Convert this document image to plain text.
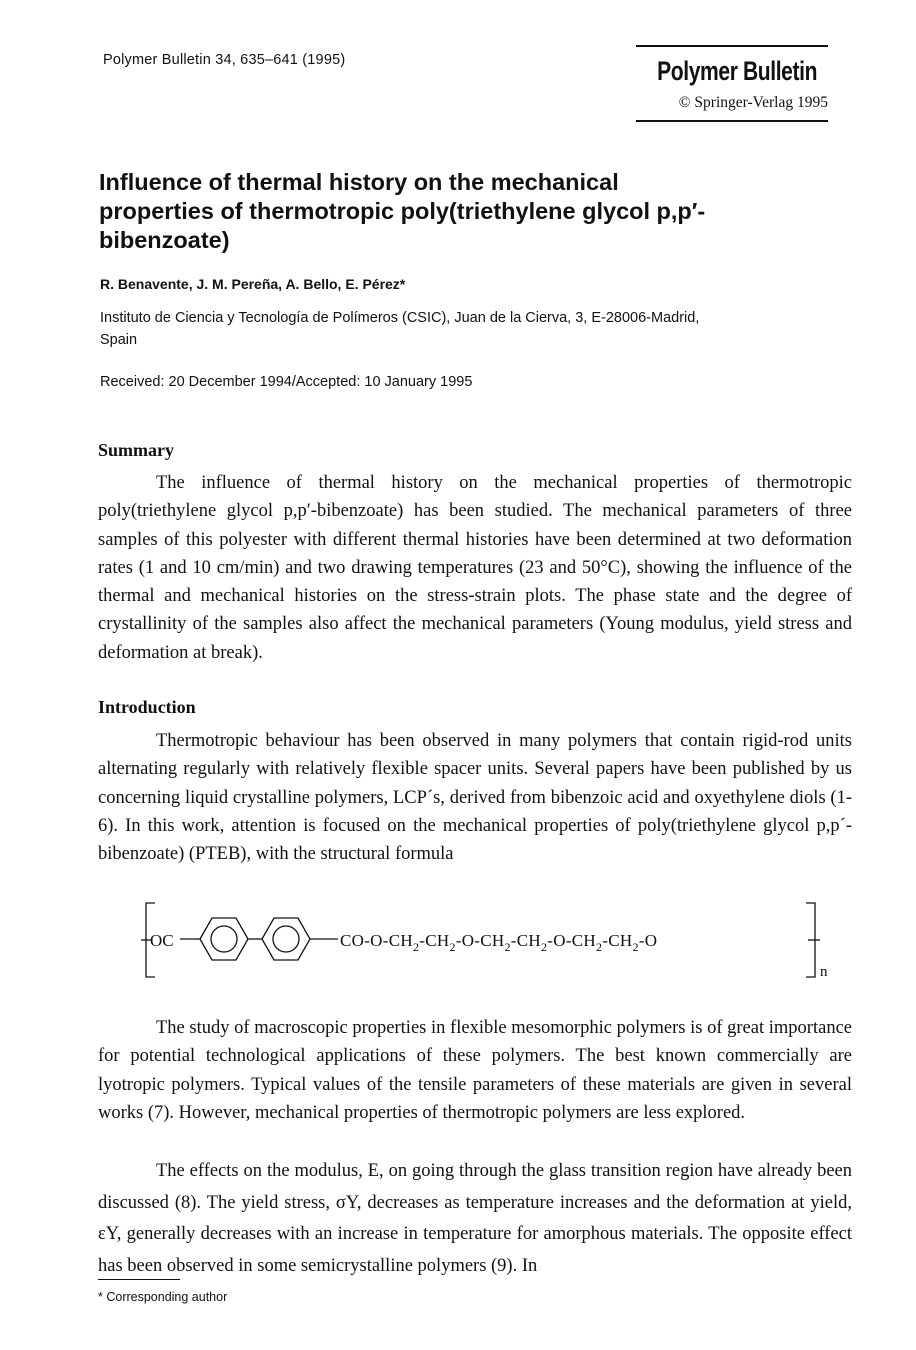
Polymer Bulletin 34, 635–641 (1995)	Polymer Bulletin
© Springer-Verlag 1995
Influence of thermal history on the mechanical properties of thermotropic poly(triethylene glycol p,p′-bibenzoate)
R. Benavente, J. M. Pereña, A. Bello, E. Pérez*
Instituto de Ciencia y Tecnología de Polímeros (CSIC), Juan de la Cierva, 3, E-28006-Madrid, Spain
Received: 20 December 1994/Accepted: 10 January 1995
Summary
The influence of thermal history on the mechanical properties of thermotropic poly(triethylene glycol p,p′-bibenzoate) has been studied. The mechanical parameters of three samples of this polyester with different thermal histories have been determined at two deformation rates (1 and 10 cm/min) and two drawing temperatures (23 and 50°C), showing the influence of the thermal and mechanical histories on the stress-strain plots. The phase state and the degree of crystallinity of the samples also affect the mechanical parameters (Young modulus, yield stress and deformation at break).
Introduction
Thermotropic behaviour has been observed in many polymers that contain rigid-rod units alternating regularly with relatively flexible spacer units. Several papers have been published by us concerning liquid crystalline polymers, LCP´s, derived from bibenzoic acid and oxyethylene diols (1-6). In this work, attention is focused on the mechanical properties of poly(triethylene glycol p,p´-bibenzoate) (PTEB), with the structural formula
OC	$CO-O-CH_2-CH_2-O-CH_2-CH_2-O-CH_2-CH_2-O$
n
The study of macroscopic properties in flexible mesomorphic polymers is of great importance for potential technological applications of these polymers. The best known commercially are lyotropic polymers. Typical values of the tensile parameters of these materials are given in several works (7). However, mechanical properties of thermotropic polymers are less explored.
The effects on the modulus, E, on going through the glass transition region have already been discussed (8). The yield stress, σY, decreases as temperature increases and the deformation at yield, εY, generally decreases with an increase in temperature for amorphous materials. The opposite effect has been observed in some semicrystalline polymers (9). In
* Corresponding author
